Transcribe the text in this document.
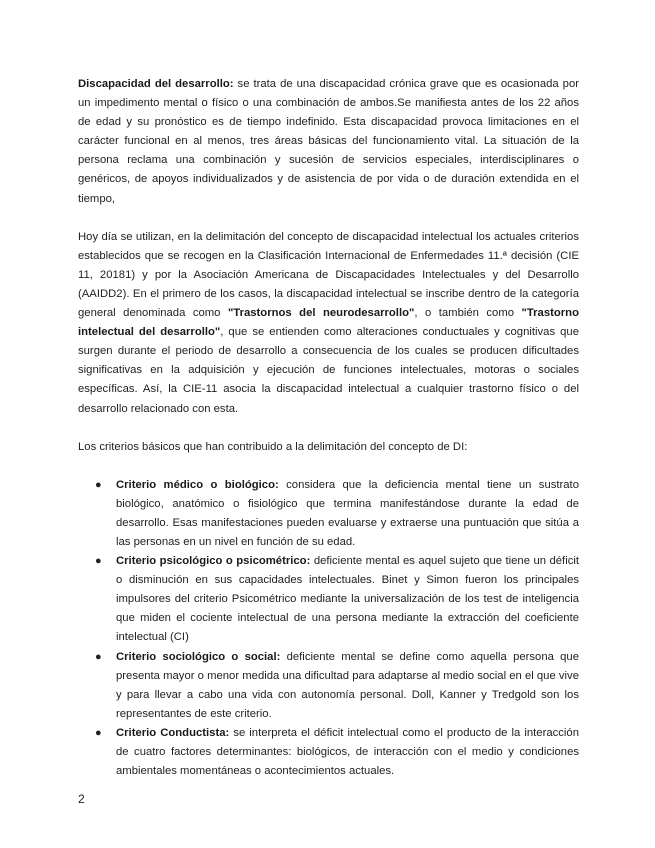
Discapacidad del desarrollo: se trata de una discapacidad crónica grave que es ocasionada por un impedimento mental o físico o una combinación de ambos.Se manifiesta antes de los 22 años de edad y su pronóstico es de tiempo indefinido. Esta discapacidad provoca limitaciones en el carácter funcional en al menos, tres áreas básicas del funcionamiento vital. La situación de la persona reclama una combinación y sucesión de servicios especiales, interdisciplinares o genéricos, de apoyos individualizados y de asistencia de por vida o de duración extendida en el tiempo,

Hoy día se utilizan, en la delimitación del concepto de discapacidad intelectual los actuales criterios establecidos que se recogen en la Clasificación Internacional de Enfermedades 11.ª decisión (CIE 11, 20181) y por la Asociación Americana de Discapacidades Intelectuales y del Desarrollo (AAIDD2). En el primero de los casos, la discapacidad intelectual se inscribe dentro de la categoría general denominada como "Trastornos del neurodesarrollo", o también como "Trastorno intelectual del desarrollo", que se entienden como alteraciones conductuales y cognitivas que surgen durante el periodo de desarrollo a consecuencia de los cuales se producen dificultades significativas en la adquisición y ejecución de funciones intelectuales, motoras o sociales específicas. Así, la CIE-11 asocia la discapacidad intelectual a cualquier trastorno físico o del desarrollo relacionado con esta.

Los criterios básicos que han contribuido a la delimitación del concepto de DI:

● Criterio médico o biológico: considera que la deficiencia mental tiene un sustrato biológico, anatómico o fisiológico que termina manifestándose durante la edad de desarrollo. Esas manifestaciones pueden evaluarse y extraerse una puntuación que sitúa a las personas en un nivel en función de su edad.
● Criterio psicológico o psicométrico: deficiente mental es aquel sujeto que tiene un déficit o disminución en sus capacidades intelectuales. Binet y Simon fueron los principales impulsores del criterio Psicométrico mediante la universalización de los test de inteligencia que miden el cociente intelectual de una persona mediante la extracción del coeficiente intelectual (CI)
● Criterio sociológico o social: deficiente mental se define como aquella persona que presenta mayor o menor medida una dificultad para adaptarse al medio social en el que vive y para llevar a cabo una vida con autonomía personal. Doll, Kanner y Tredgold son los representantes de este criterio.
● Criterio Conductista: se interpreta el déficit intelectual como el producto de la interacción de cuatro factores determinantes: biológicos, de interacción con el medio y condiciones ambientales momentáneas o acontecimientos actuales.
2
